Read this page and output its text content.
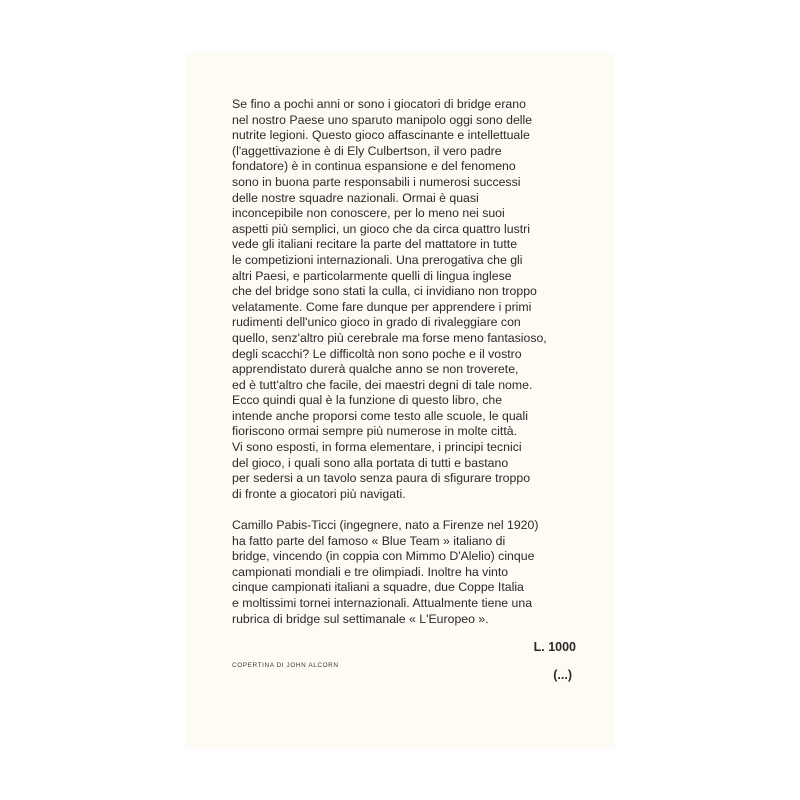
Se fino a pochi anni or sono i giocatori di bridge erano
nel nostro Paese uno sparuto manipolo oggi sono delle
nutrite legioni. Questo gioco affascinante e intellettuale
(l'aggettivazione è di Ely Culbertson, il vero padre
fondatore) è in continua espansione e del fenomeno
sono in buona parte responsabili i numerosi successi
delle nostre squadre nazionali. Ormai è quasi
inconcepibile non conoscere, per lo meno nei suoi
aspetti più semplici, un gioco che da circa quattro lustri
vede gli italiani recitare la parte del mattatore in tutte
le competizioni internazionali. Una prerogativa che gli
altri Paesi, e particolarmente quelli di lingua inglese
che del bridge sono stati la culla, ci invidiano non troppo
velatamente. Come fare dunque per apprendere i primi
rudimenti dell'unico gioco in grado di rivaleggiare con
quello, senz'altro più cerebrale ma forse meno fantasioso,
degli scacchi? Le difficoltà non sono poche e il vostro
apprendistato durerà qualche anno se non troverete,
ed è tutt'altro che facile, dei maestri degni di tale nome.
Ecco quindi qual è la funzione di questo libro, che
intende anche proporsi come testo alle scuole, le quali
fioriscono ormai sempre più numerose in molte città.
Vi sono esposti, in forma elementare, i principi tecnici
del gioco, i quali sono alla portata di tutti e bastano
per sedersi a un tavolo senza paura di sfigurare troppo
di fronte a giocatori più navigati.

Camillo Pabis-Ticci (ingegnere, nato a Firenze nel 1920)
ha fatto parte del famoso « Blue Team » italiano di
bridge, vincendo (in coppia con Mimmo D'Alelio) cinque
campionati mondiali e tre olimpiadi. Inoltre ha vinto
cinque campionati italiani a squadre, due Coppe Italia
e moltissimi tornei internazionali. Attualmente tiene una
rubrica di bridge sul settimanale « L'Europeo ».

COPERTINA DI JOHN ALCORN
L. 1000
(...)
